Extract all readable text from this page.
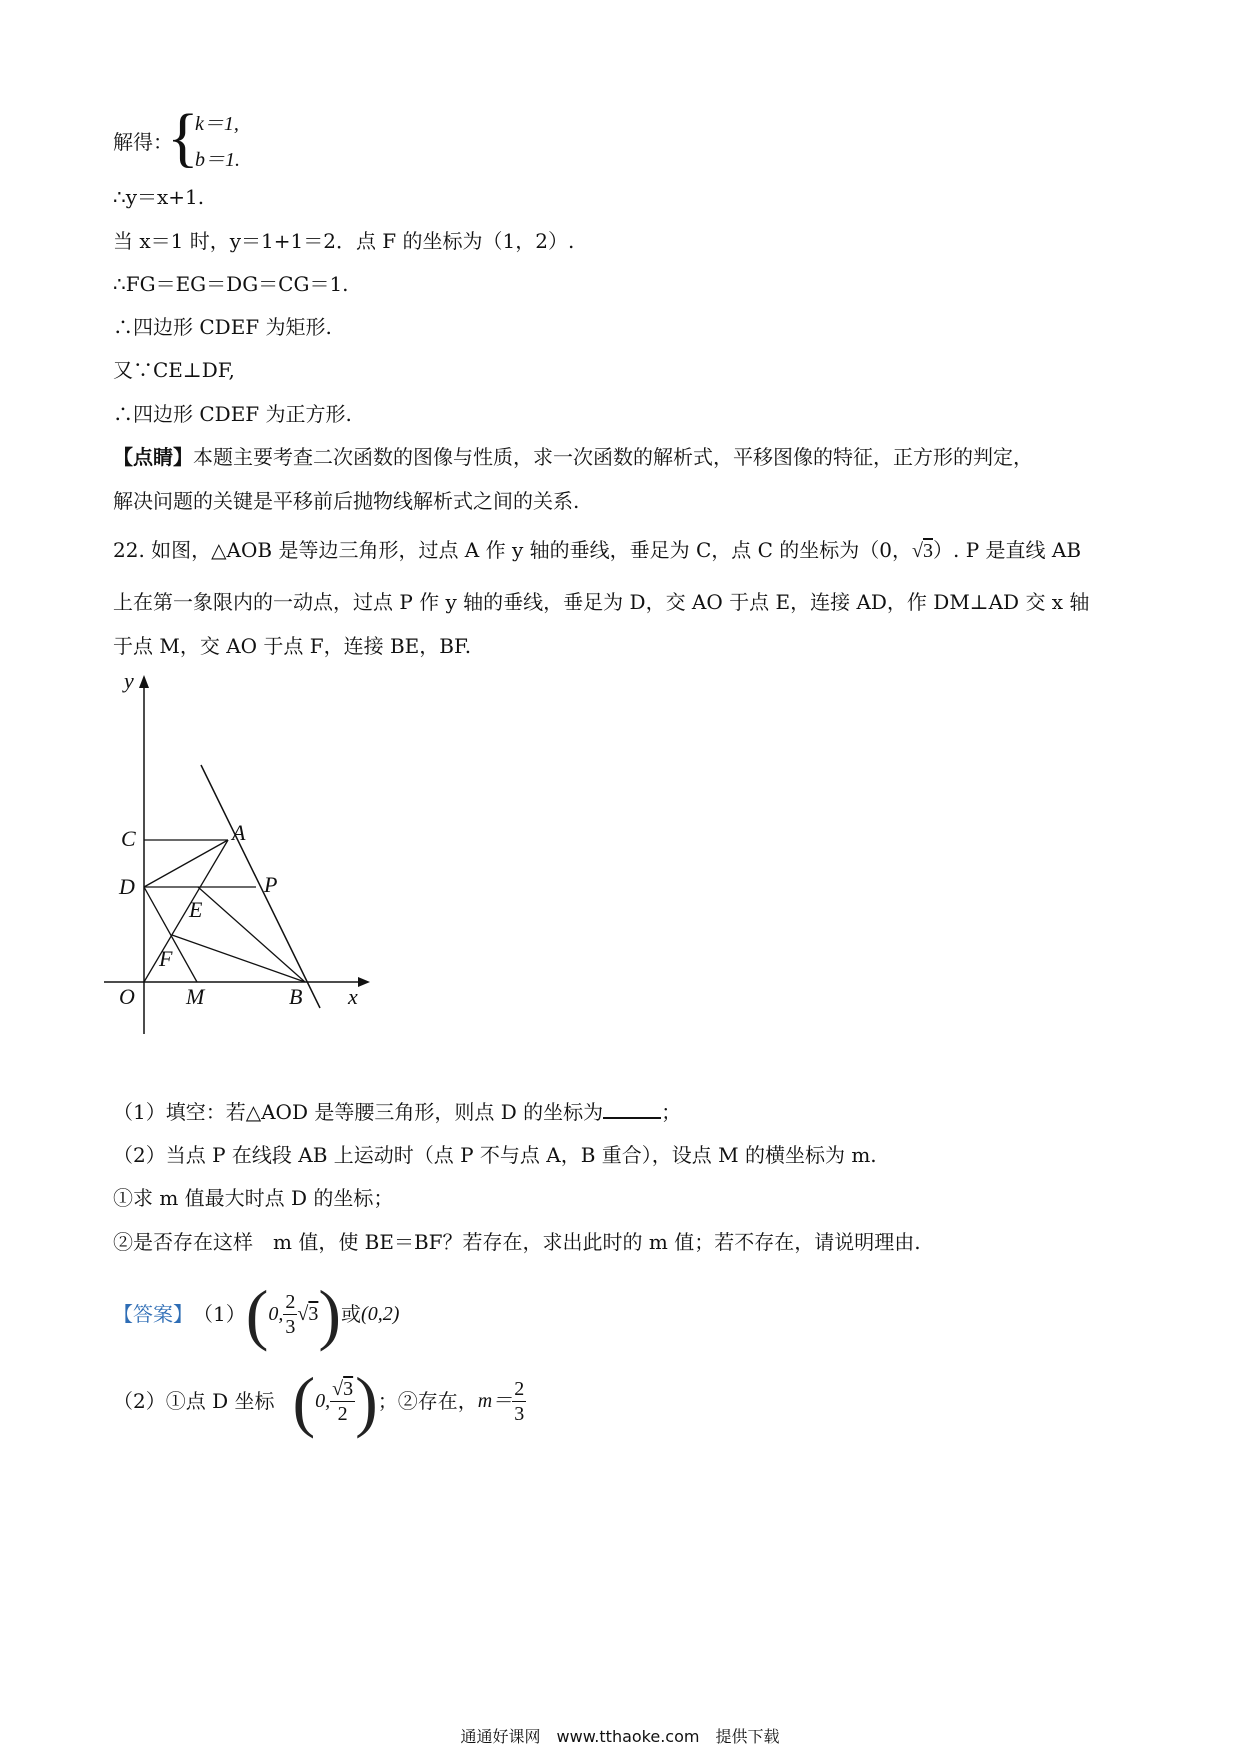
解得：
{
k＝1,
b＝1.
∴y＝x+1.
当 x＝1 时，y＝1+1＝2．点 F 的坐标为（1，2）.
∴FG＝EG＝DG＝CG＝1.
∴四边形 CDEF 为矩形.
又∵CE⊥DF,
∴四边形 CDEF 为正方形.
【点睛】本题主要考查二次函数的图像与性质，求一次函数的解析式，平移图像的特征，正方形的判定，
解决问题的关键是平移前后抛物线解析式之间的关系.
22. 如图，△AOB 是等边三角形，过点 A 作 y 轴的垂线，垂足为 C，点 C 的坐标为（0，√3）. P 是直线 AB
上在第一象限内的一动点，过点 P 作 y 轴的垂线，垂足为 D，交 AO 于点 E，连接 AD，作 DM⊥AD 交 x 轴
于点 M，交 AO 于点 F，连接 BE，BF.
y
x
C	A
D	P
E
F
O M	B
（1）填空：若△AOD 是等腰三角形，则点 D 的坐标为	；
（2）当点 P 在线段 AB 上运动时（点 P 不与点 A，B 重合），设点 M 的横坐标为 m.
①求 m 值最大时点 D 的坐标；
②是否存在这样　m 值，使 BE＝BF？若存在，求出此时的 m 值；若不存在，请说明理由.
【答案】 （1） ( 0, $\frac{2}{3} √3$ ) 或 (0,2)
（2）①点 D 坐标 ( 0, $\frac{√3}{2}$ ) ；②存在， $m= \frac{2}{3}$
通通好课网　www.tthaoke.com　提供下载
